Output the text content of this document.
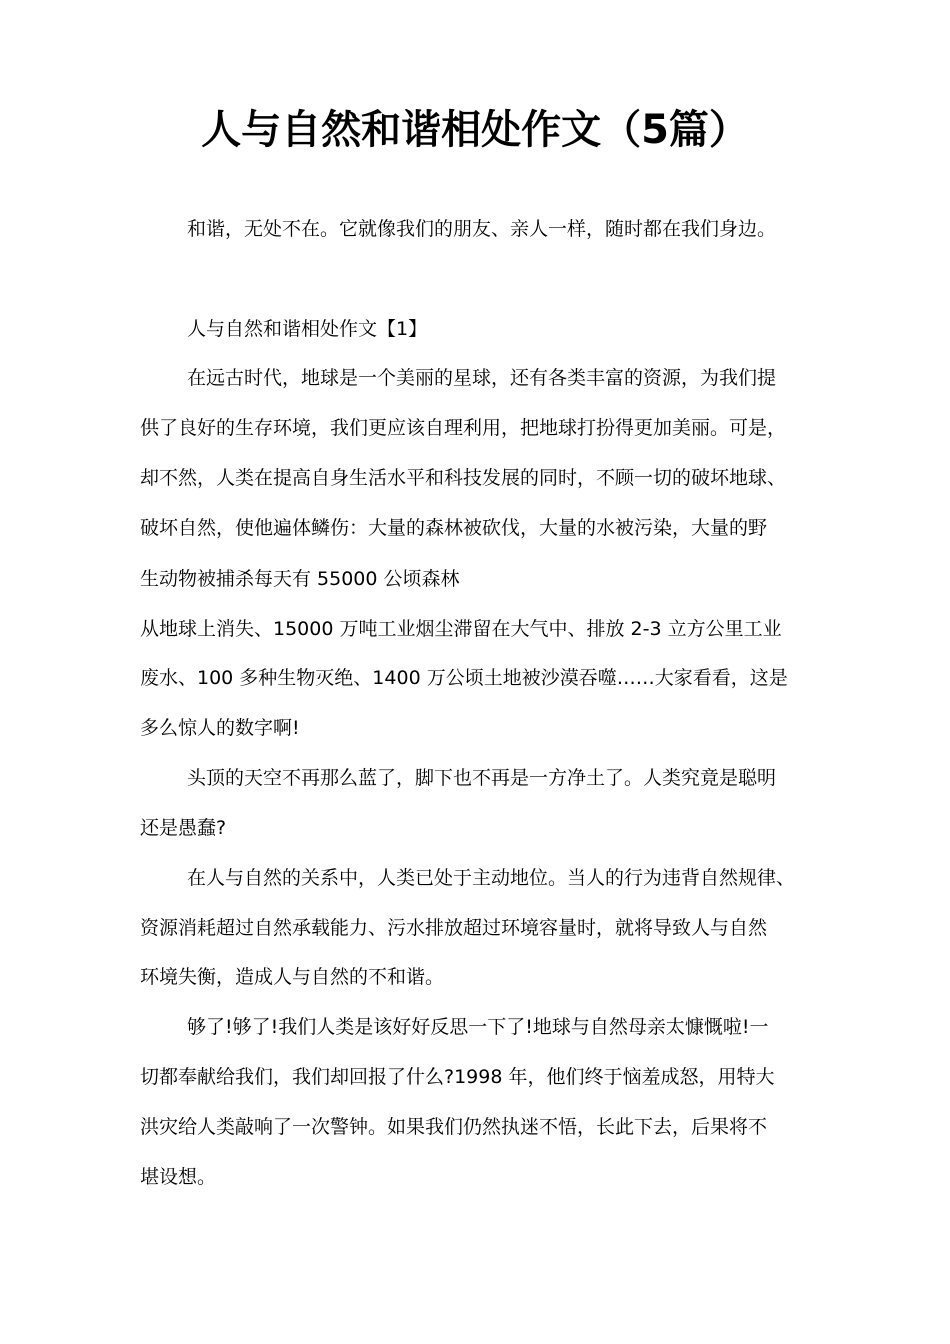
人与自然和谐相处作文（5篇）

和谐，无处不在。它就像我们的朋友、亲人一样，随时都在我们身边。

人与自然和谐相处作文【1】

在远古时代，地球是一个美丽的星球，还有各类丰富的资源，为我们提

供了良好的生存环境，我们更应该自理利用，把地球打扮得更加美丽。可是，

却不然，人类在提高自身生活水平和科技发展的同时，不顾一切的破坏地球、

破坏自然，使他遍体鳞伤：大量的森林被砍伐，大量的水被污染，大量的野

生动物被捕杀每天有 55000 公顷森林

从地球上消失、15000 万吨工业烟尘滞留在大气中、排放 2-3 立方公里工业

废水、100 多种生物灭绝、1400 万公顷土地被沙漠吞噬……大家看看，这是

多么惊人的数字啊!

头顶的天空不再那么蓝了，脚下也不再是一方净土了。人类究竟是聪明

还是愚蠢?

在人与自然的关系中，人类已处于主动地位。当人的行为违背自然规律、

资源消耗超过自然承载能力、污水排放超过环境容量时，就将导致人与自然

环境失衡，造成人与自然的不和谐。

够了!够了!我们人类是该好好反思一下了!地球与自然母亲太慷慨啦!一

切都奉献给我们，我们却回报了什么?1998 年，他们终于恼羞成怒，用特大

洪灾给人类敲响了一次警钟。如果我们仍然执迷不悟，长此下去，后果将不

堪设想。
